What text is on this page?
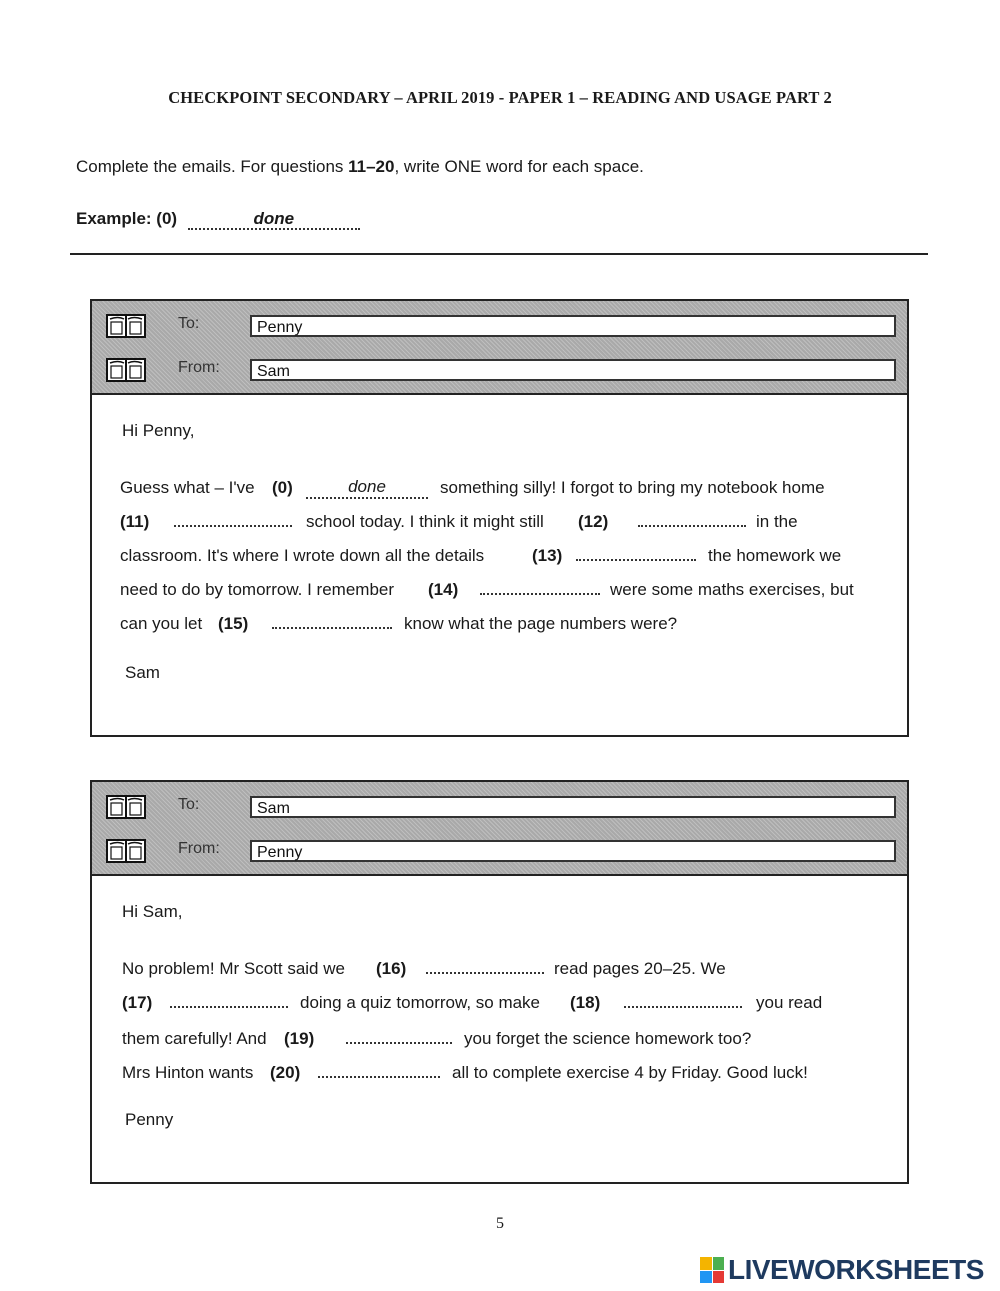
CHECKPOINT SECONDARY – APRIL 2019 - PAPER 1 – READING AND USAGE PART 2
Complete the emails. For questions 11–20, write ONE word for each space.
Example: (0)	done
To:	Penny
From:	Sam
Hi Penny,
Guess what – I've (0)	done	something silly! I forgot to bring my notebook home
(11)	school today. I think it might still (12)	in the
classroom. It's where I wrote down all the details	(13)	the homework we
need to do by tomorrow. I remember (14)	were some maths exercises, but
can you let (15)	know what the page numbers were?
Sam
To:	Sam
From:	Penny
Hi Sam,
No problem! Mr Scott said we (16)	read pages 20–25. We
(17)	doing a quiz tomorrow, so make (18)	you read
them carefully! And (19)	you forget the science homework too?
Mrs Hinton wants (20)	all to complete exercise 4 by Friday. Good luck!
Penny
5
LIVEWORKSHEETS
